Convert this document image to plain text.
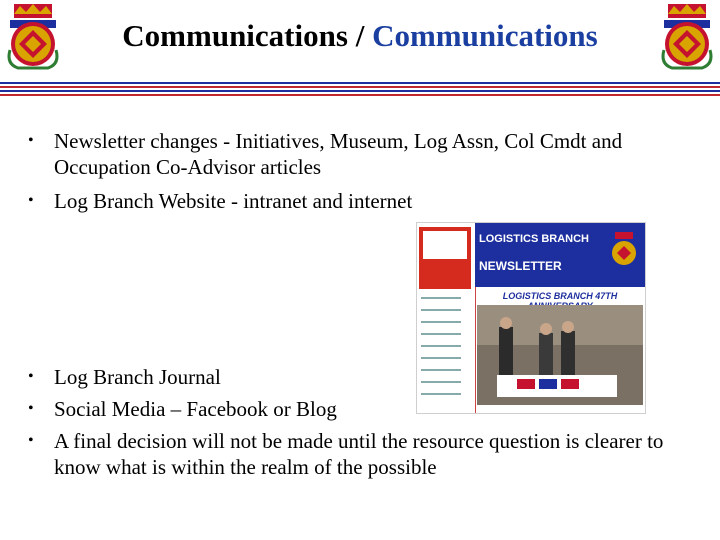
Communications / Communications
• Newsletter changes - Initiatives, Museum, Log Assn, Col Cmdt and Occupation Co-Advisor articles
• Log Branch Website - intranet and internet
LOGISTICS BRANCH
NEWSLETTER
LOGISTICS BRANCH 47TH
• Log Branch Journal
• Social Media – Facebook or Blog
• A final decision will not be made until the resource question is clearer to know what is within the realm of the possible
